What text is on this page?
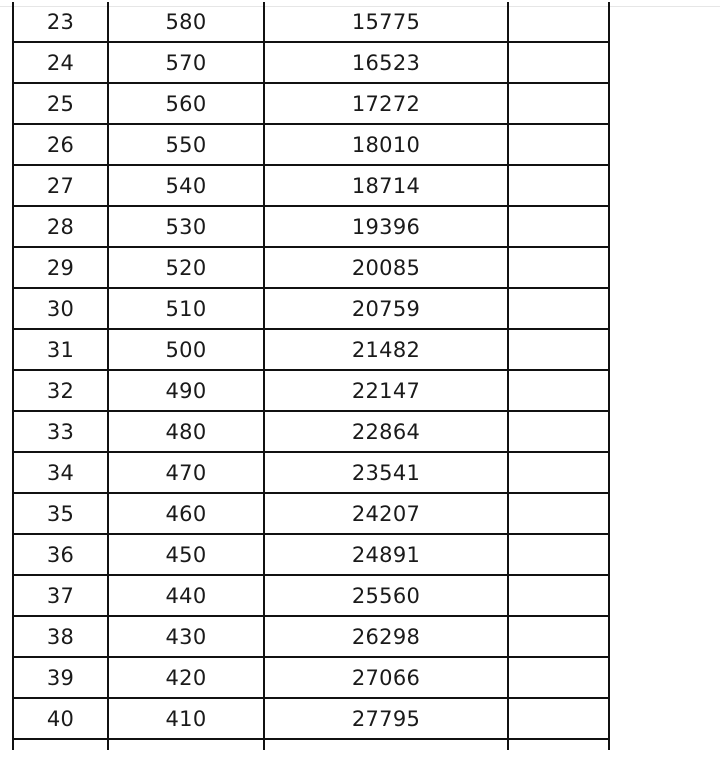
23	580	15775	
24	570	16523	
25	560	17272	
26	550	18010	
27	540	18714	
28	530	19396	
29	520	20085	
30	510	20759	
31	500	21482	
32	490	22147	
33	480	22864	
34	470	23541	
35	460	24207	
36	450	24891	
37	440	25560	
38	430	26298	
39	420	27066	
40	410	27795	
